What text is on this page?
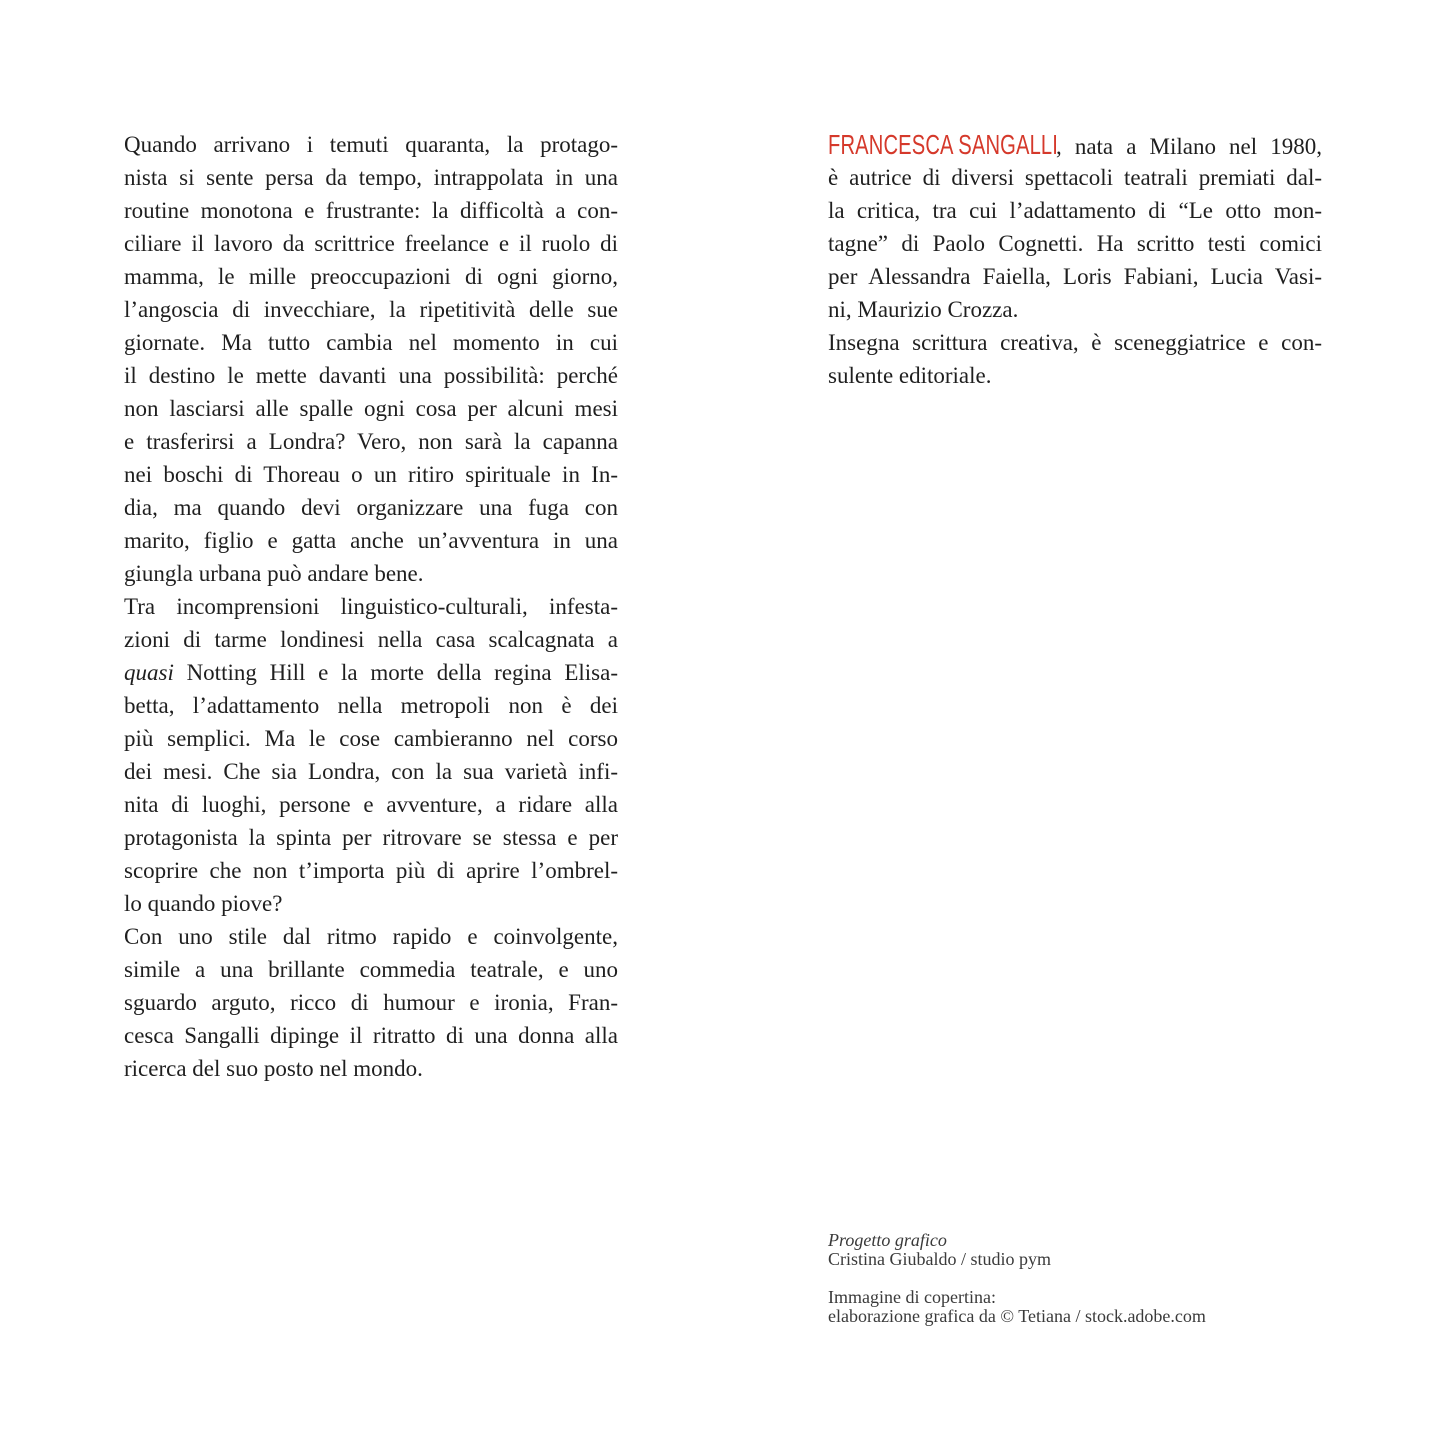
Quando arrivano i temuti quaranta, la protago-
nista si sente persa da tempo, intrappolata in una
routine monotona e frustrante: la difficoltà a con-
ciliare il lavoro da scrittrice freelance e il ruolo di
mamma, le mille preoccupazioni di ogni giorno,
l’angoscia di invecchiare, la ripetitività delle sue
giornate. Ma tutto cambia nel momento in cui
il destino le mette davanti una possibilità: perché
non lasciarsi alle spalle ogni cosa per alcuni mesi
e trasferirsi a Londra? Vero, non sarà la capanna
nei boschi di Thoreau o un ritiro spirituale in In-
dia, ma quando devi organizzare una fuga con
marito, figlio e gatta anche un’avventura in una
giungla urbana può andare bene.
Tra incomprensioni linguistico-culturali, infesta-
zioni di tarme londinesi nella casa scalcagnata a
quasi Notting Hill e la morte della regina Elisa-
betta, l’adattamento nella metropoli non è dei
più semplici. Ma le cose cambieranno nel corso
dei mesi. Che sia Londra, con la sua varietà infi-
nita di luoghi, persone e avventure, a ridare alla
protagonista la spinta per ritrovare se stessa e per
scoprire che non t’importa più di aprire l’ombrel-
lo quando piove?
Con uno stile dal ritmo rapido e coinvolgente,
simile a una brillante commedia teatrale, e uno
sguardo arguto, ricco di humour e ironia, Fran-
cesca Sangalli dipinge il ritratto di una donna alla
ricerca del suo posto nel mondo.
FRANCESCA SANGALLI, nata a Milano nel 1980,
è autrice di diversi spettacoli teatrali premiati dal-
la critica, tra cui l’adattamento di “Le otto mon-
tagne” di Paolo Cognetti. Ha scritto testi comici
per Alessandra Faiella, Loris Fabiani, Lucia Vasi-
ni, Maurizio Crozza.
Insegna scrittura creativa, è sceneggiatrice e con-
sulente editoriale.
Progetto grafico
Cristina Giubaldo / studio pym
Immagine di copertina:
elaborazione grafica da © Tetiana / stock.adobe.com
